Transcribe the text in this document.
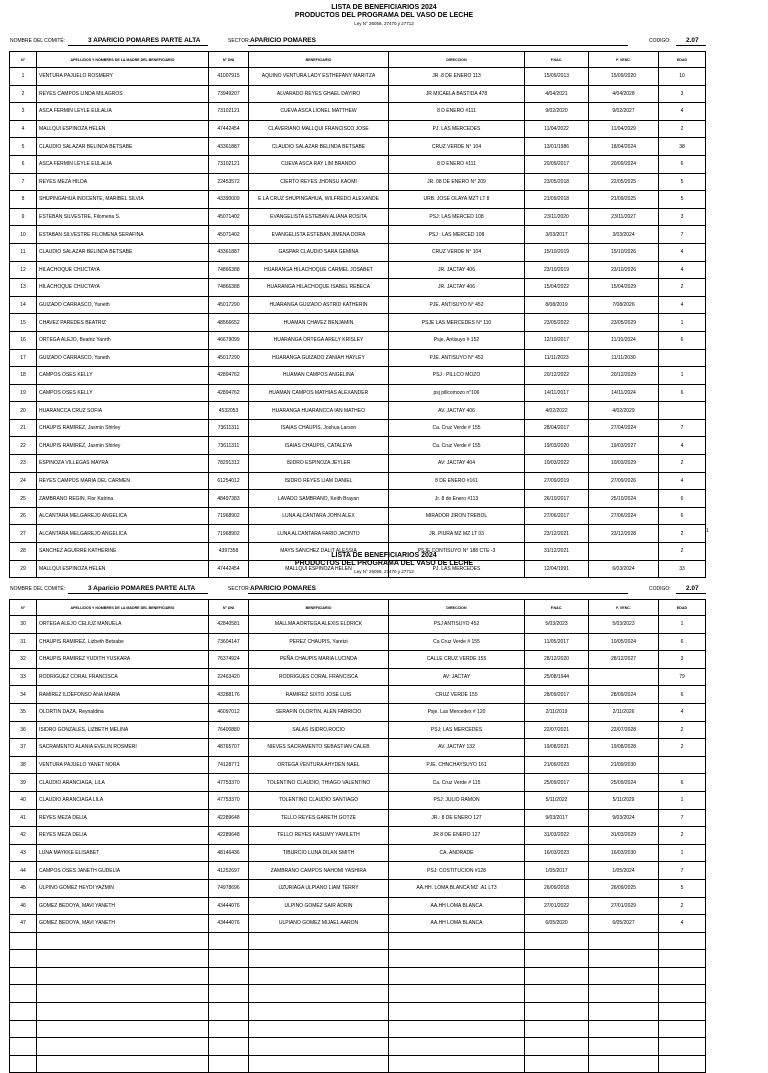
LISTA DE BENEFICIARIOS 2024
PRODUCTOS DEL PROGRAMA DEL VASO DE LECHE
Ley N° 26058, 27470 y 27712
NOMBRE DEL COMITÉ:	3 APARICIO POMARES PARTE ALTA	SECTOR: APARICIO POMARES	CODIGO: 2.07
N°	APELLIDOS Y NOMBRES DE LA MADRE DEL BENEFICIARIO	N° DNI	BENEFICIARIO	DIRECCION	F.NAC.	F. VENC.	EDAD
1	VENTURA PAJUELO ROSMERY	41007915	AQUINO VENTURA LADY ESTHEFANY MARITZA	JR .8 DE ENERO 113	15/09/2013	15/09/2020	10
2	REYES CAMPOS LINDA MILAGROS	73949207	ALVARADO REYES GHAEL DAYIRO	JR MICAELA BASTIDA 478	4/04/2021	4/04/2028	3
3	ASCA FERMIN LEYLE EULALIA	73102121	CUEVA ASCA LIONEL MATTHEW	8 D ENERO #111	9/02/2020	9/02/2027	4
4	MALLQUI ESPINOZA HELEN	47442454	CLAVERIANO MALLQUI FRANCISCO JOSE	PJ. LAS MERCEDES	11/04/2022	11/04/2029	2
5	CLAUDIO SALAZAR BELINDA BETSABE	43361887	CLAUDIO SALAZAR BELINDA BETSABE	CRUZ VERDE N° 104	13/01/1986	18/04/2024	38
6	ASCA FERMIN LEYLE EULALIA	73102121	CUEVA ASCA RAY LIM BRANDO	8 D ENERO #111	20/09/2017	20/09/2024	6
7	REYES MEZA HILDA	22453572	CIERTO REYES JHONSU KAOMI	JR. 08 DE ENERO N° 209	23/05/2018	22/05/2025	5
8	SHUPINGAHUA INOCENTE, MARIBEL SILVIA	43390009	E LA CRUZ SHUPINGAHUA, WILFREDO ALEXANDE	URB. JOSE OLAYA MZT LT 8	21/09/2018	21/09/2025	5
9	ESTEBAN SILVESTRE, Filomena S.	45071402	EVANGELISTA ESTEBAN ALIANA ROSITA	PSJ: LAS MERCED 108	23/11/2020	23/11/2027	3
10	ESTABAN SILVESTRE FILOMENA SERAFINA	45071402	EVANGELISTA ESTEBAN JIMENA DORA	PSJ : LAS MERCED 108	3/03/2017	3/03/2024	7
11	CLAUDIO SALAZAR BELINDA BETSABE	43361887	GASPAR CLAUDIO SARA GEMINA	CRUZ VERDE N° 104	15/10/2019	15/10/2026	4
12	HILACHOQUE CHUCTAYA	74866388	HUARANGA HILACHOQUE CARMEL JOSABET	JR. JACTAY 406	23/10/2019	23/10/2026	4
13	HILACHOQUE CHUCTAYA	74866388	HUARANGA HILACHOQUE ISABEL REBECA	JR. JACTAY 406	15/04/2022	15/04/2029	2
14	GUIZADO CARRASCO, Yaneth	45017290	HUARANGA GUIZADO ASTRID KATHERIN	PJE. ANTISUYO N° 452	8/08/2019	7/08/2026	4
15	CHAVEZ PAREDES BEATRIZ	48566652	HUAMAN CHAVEZ BENJAMIN	PSJE LAS MERCEDES N° 110	23/05/2022	23/05/2029	1
16	ORTEGA ALEJO, Beatriz Yanrth	46679099	HUARANGA ORTEGA ARELY KRISLEY	Psje, Antisuyo # 152	12/10/2017	11/10/2024	6
17	GUIZADO CARRASCO, Yaneth	45017290	HUARANGA GUIZADO ZANIAH HAYLEY	PJE. ANTISUYO N° 452	11/11/2023	11/11/2030	
18	CAMPOS OSES KELLY	42894762	HUAMAN CAMPOS ANGELINA	PSJ : PILLCO MOZO	20/12/2022	20/12/2029	1
19	CAMPOS OSES KELLY	42894762	HUAMAN CAMPOS MATHIAS ALEXANDER	psj pillcomozo n°106	14/11/2017	14/11/2024	6
20	HUARANCCA CRUZ SOFIA	4532053	HUARANGA HUARANCCA IAN MATHEO	AV. JACTAY 406	4/02/2022	4/02/2029	
21	CHAUPIS RAMIREZ, Jasmin Shirley	73611311	ISAIAS CHAUPIS, Joshua Larson	Ca. Cruz Verde # 155	28/04/2017	27/04/2024	7
22	CHAUPIS RAMIREZ, Jasmin Shirley	73611311	ISAIAS CHAUPIS, CATALEYA	Ca. Cruz Verde # 155	19/03/2020	19/03/2027	4
23	ESPINOZA VILLEGAS MAYRA	78291312	ISIDRO ESPINOZA JEYLER	AV: JACTAY 404	10/03/2022	10/03/2029	2
24	REYES CAMPOS MARIA DEL CARMEN	61254012	ISIDRO REYES LIAM DANIEL	8 DE ENERO #161	27/09/2019	27/09/2026	4
25	ZAMBRANO REGIN, Flor Katrina	48497383	LAVADO SAMBRANO, Keith Brayan	Jr. 8 de Enero #113	26/10/2017	25/10/2024	6
26	ALCANTARA MELGAREJO ANGELICA	71968902	LUNA ALCANTARA JOHN ALEX	MIRADOR JIRON TREBOL	27/06/2017	27/06/2024	6
27	ALCANTARA MELGAREJO ANGELICA	71968902	LUNA ALCANTARA FARID JACINTO	JR. PIURA MZ MZ LT 03	23/12/2021	23/12/2028	2
28	SANCHEZ AGUIRRE KATHERINE	4397358	MAYS SANCHEZ DALIT ALESSIA	PSJE CONTISUYO N° 188 CTE -3	31/12/2021		2
29	MALLQUI ESPINOZA HELEN	47442454	MALLQUI ESPINOZA HELEN	PJ. LAS MERCEDES	12/04/1991	6/03/2024	33
1
LISTA DE BENEFICIARIOS 2024
PRODUCTOS DEL PROGRAMA DEL VASO DE LECHE
Ley N° 26058, 27470 y 27712
NOMBRE DEL COMITÉ:	3 Aparicio POMARES PARTE ALTA	SECTOR: APARICIO POMARES	CODIGO: 2.07
N°	APELLIDOS Y NOMBRES DE LA MADRE DEL BENEFICIARIO	N° DNI	BENEFICIARIO	DIRECCION	F.NAC.	F. VENC.	EDAD
30	ORTEGA ALEJO CELIUZ MANUELA	42840581	MALLMA AORTEGA ALEXIS ELDRICK	PSJ ANTISUYO 452	5/03/2023	5/03/2023	1
31	CHAUPIS RAMIREZ, Lizbeth Betsabe	73604147	PEREZ CHAUPIS, Yaretzi	Ca Cruz Verde # 155	11/05/2017	10/05/2024	6
32	CHAUPIS RAMIREZ YUDITH YUSKARA	76374924	PEÑA CHAUPIS MARIA LUCINDA	CALLE CRUZ VERDE 155	28/12/2020	28/12/2027	3
33	RODRIGUEZ CORAL FRANCISCA	22463420	RODRIGUES CORAL FRANCISCA	AV: JACTAY	25/08/1944		79
34	RAMIREZ ILDEFONSO ANA MARIA	43288176	RAMIREZ SIXTO JOSE LUIS	CRUZ VERDE 155	28/09/2017	28/09/2024	6
35	OLORTIN DAZA, Reynaldina	46097012	SERAFIN OLORTIN, ALEN FABRICIO	Psje. Las Mercedes # 120	2/11/2019	2/11/2026	4
36	ISIDRO GONZALES, LIZBETH MELINA	76400880	SALAS ISIDRO,ROCIO	PSJ; LAS MERCEDES	22/07/2021	22/07/2028	2
37	SACRAMENTO ALANIA EVELIN ROSMERI	48765707	NIEVES SACRAMENTO SEBASTIAN CALEB	AV. JACTAY 132	19/08/2021	19/08/2028	2
38	VENTURA PAJUELO YANET NORA	74128771	ORTEGA VENTURA AHYDEN NAEL	PJE. CHNCHAYSUYO 161	21/09/2023	21/09/2030	
39	CLAUDIO ARANCIAGA, LILA	47753370	TOLENTINO CLAUDIO, THIAGO VALENTINO	Ca. Cruz Verde # 115	25/09/2017	25/09/2024	6
40	CLAUDIO ARANCIAGA LILA	47753370	TOLENTINO CLAUDIO SANTIAGO	PSJ: JULIO RAMON	5/11/2022	5/11/2029	1
41	REYES MEZA DELIA	42289648	TELLO REYES GARETH GOTZE	JR.: 8 DE ENERO 127	9/03/2017	9/03/2024	7
42	REYES MEZA DELIA	42289648	TELLO REYES KASUMY YAMILETH	JR 8 DE ENERO 127	31/03/2022	31/03/2029	2
43	LUNA MAYKKE ELISABET	48146436	TIBURCIO LUNA DILAN SMITH	CA. ANDRADE	16/03/2023	16/03/2030	1
44	CAMPOS OSES JANETH GUDELIA	41252697	ZAMBRANO CAMPOS NAHOMI YASHIRA	PSJ: COSTITUCION #128	1/05/2017	1/05/2024	7
45	ULPINO GOMEZ HEYDI YAZMIN	74978696	UZURIAGA ULPIANO LIAM TERRY	AA.HH. LOMA BLANCA MZ .A1 LT3	26/09/2018	26/09/2025	5
46	GOMEZ BEDOYA, MAVI YANETH	43444076	ULPINO GOMEZ SAIR ADRIN	AA.HH LOMA BLANCA	27/01/2022	27/01/2029	2
47	GOMEZ BEDOYA, MAVI YANETH	43444076	ULPIANO GOMEZ MIJAEL AARON	AA.HH LOMA BLANCA	6/05/2020	6/05/2027	4
